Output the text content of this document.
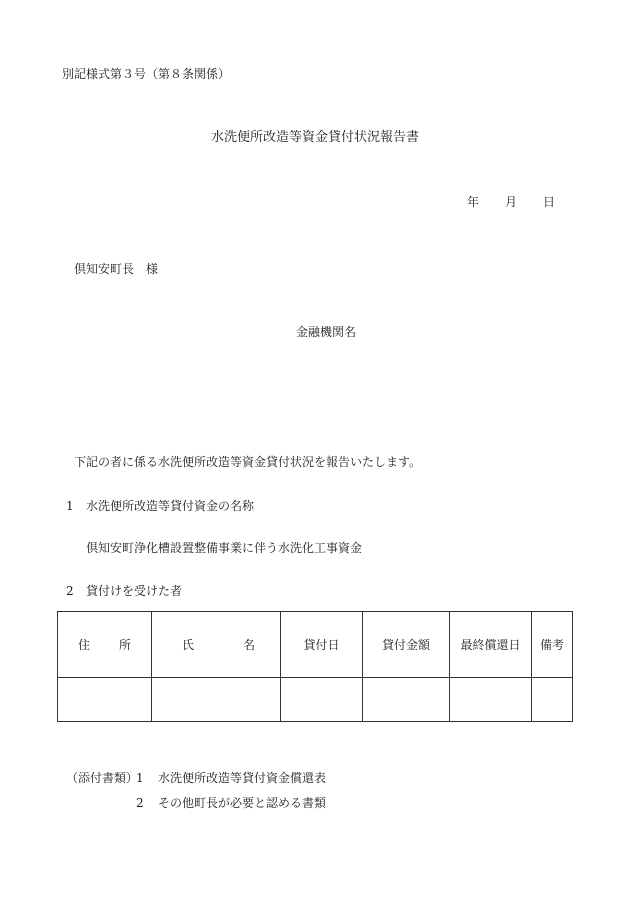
別記様式第３号（第８条関係）
水洗便所改造等資金貸付状況報告書
年 月 日
倶知安町長 様
金融機関名
下記の者に係る水洗便所改造等資金貸付状況を報告いたします。
1 水洗便所改造等貸付資金の名称
倶知安町浄化槽設置整備事業に伴う水洗化工事資金
2 貸付けを受けた者
住 所	氏 名	貸付日	貸付金額	最終償還日	備考

（添付書類）
1 水洗便所改造等貸付資金償還表
2 その他町長が必要と認める書類
